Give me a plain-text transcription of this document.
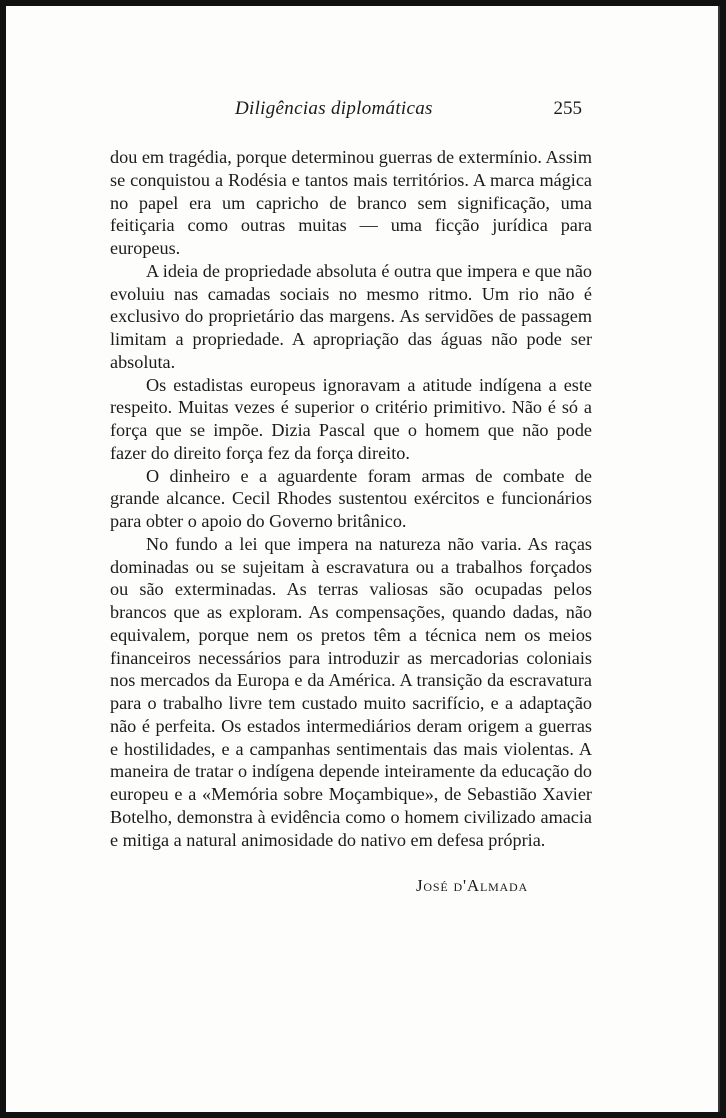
Diligências diplomáticas	255

dou em tragédia, porque determinou guerras de extermínio. Assim se conquistou a Rodésia e tantos mais territórios. A marca mágica no papel era um capricho de branco sem significação, uma feitiçaria como outras muitas — uma ficção jurídica para europeus.

A ideia de propriedade absoluta é outra que impera e que não evoluiu nas camadas sociais no mesmo ritmo. Um rio não é exclusivo do proprietário das margens. As servidões de passagem limitam a propriedade. A apropriação das águas não pode ser absoluta.

Os estadistas europeus ignoravam a atitude indígena a este respeito. Muitas vezes é superior o critério primitivo. Não é só a força que se impõe. Dizia Pascal que o homem que não pode fazer do direito força fez da força direito.

O dinheiro e a aguardente foram armas de combate de grande alcance. Cecil Rhodes sustentou exércitos e funcionários para obter o apoio do Governo britânico.

No fundo a lei que impera na natureza não varia. As raças dominadas ou se sujeitam à escravatura ou a trabalhos forçados ou são exterminadas. As terras valiosas são ocupadas pelos brancos que as exploram. As compensações, quando dadas, não equivalem, porque nem os pretos têm a técnica nem os meios financeiros necessários para introduzir as mercadorias coloniais nos mercados da Europa e da América. A transição da escravatura para o trabalho livre tem custado muito sacrifício, e a adaptação não é perfeita. Os estados intermediários deram origem a guerras e hostilidades, e a campanhas sentimentais das mais violentas. A maneira de tratar o indígena depende inteiramente da educação do europeu e a «Memória sobre Moçambique», de Sebastião Xavier Botelho, demonstra à evidência como o homem civilizado amacia e mitiga a natural animosidade do nativo em defesa própria.

José d'Almada
